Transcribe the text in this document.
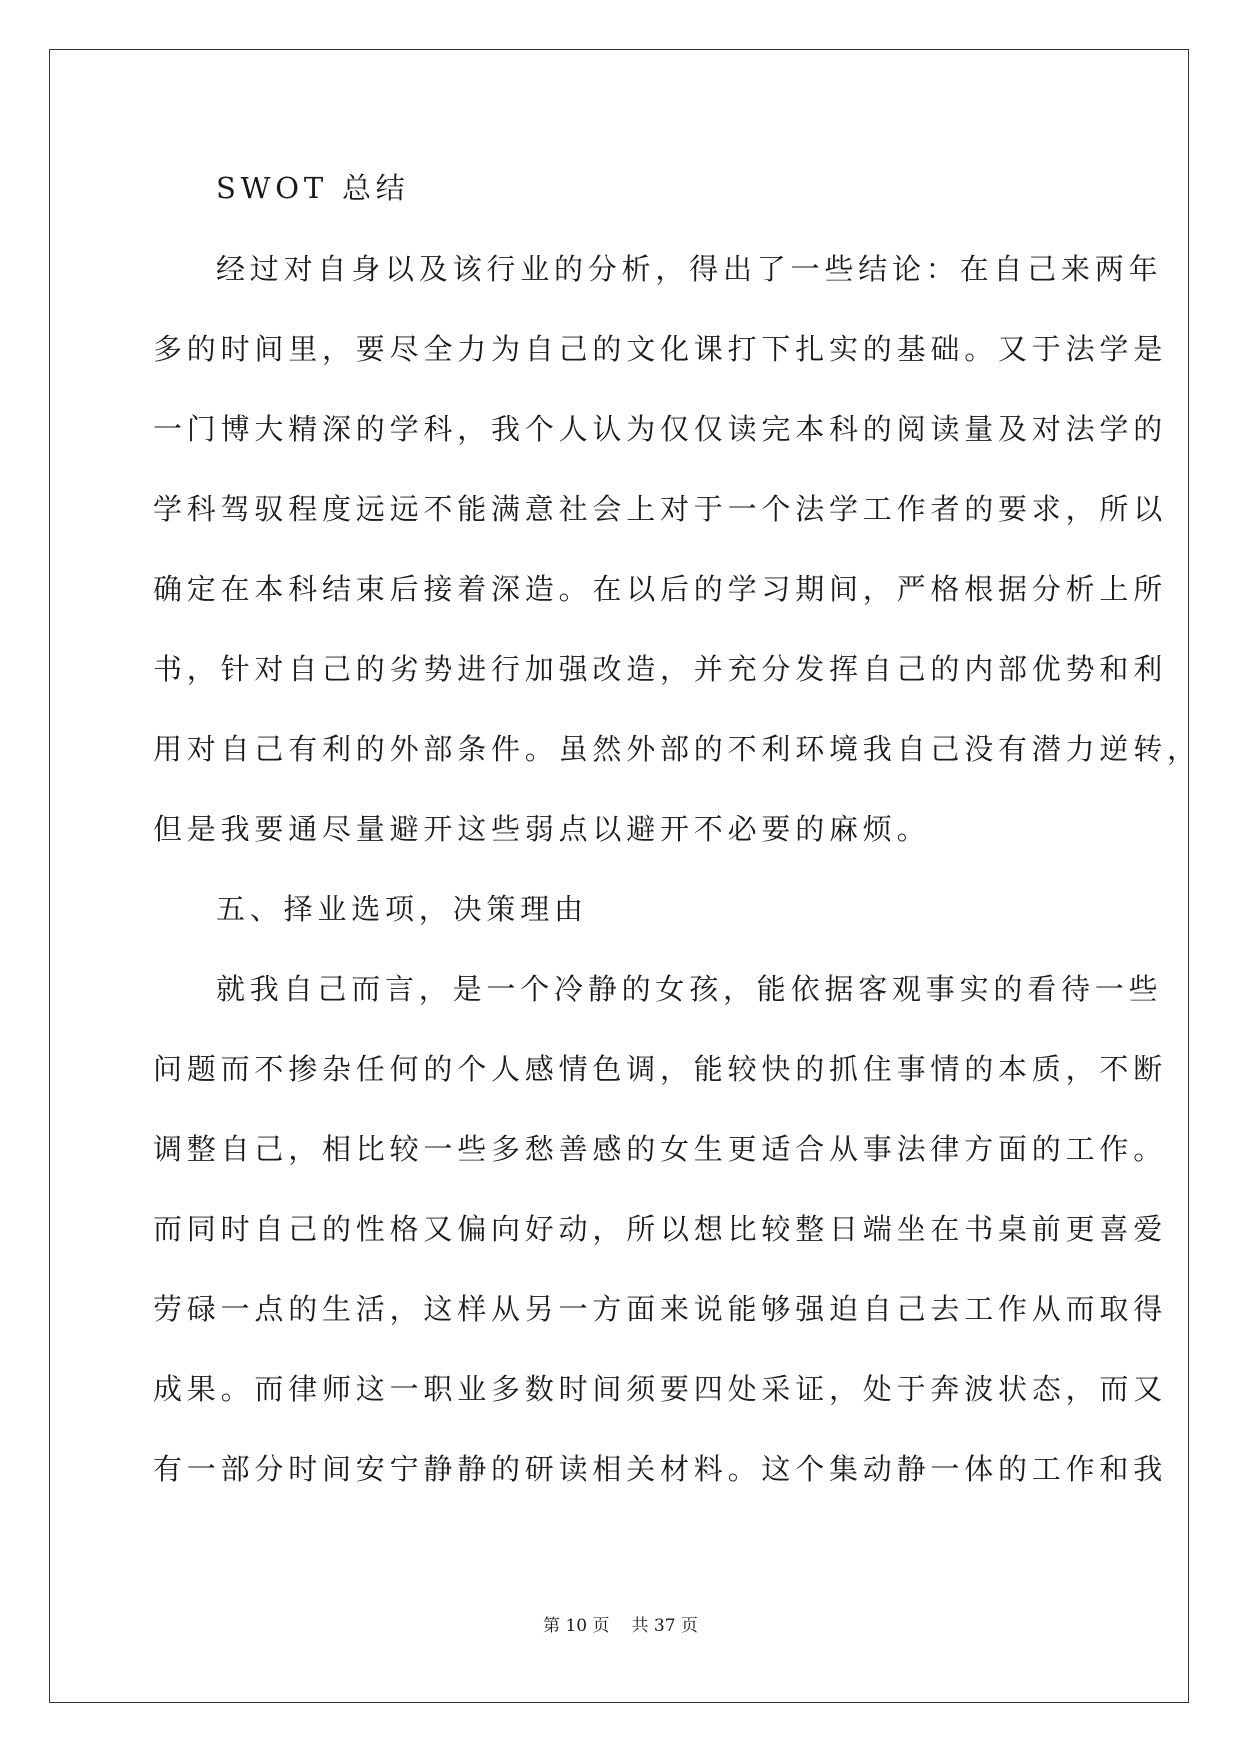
SWOT 总结
经过对自身以及该行业的分析，得出了一些结论：在自己来两年
多的时间里，要尽全力为自己的文化课打下扎实的基础。又于法学是
一门博大精深的学科，我个人认为仅仅读完本科的阅读量及对法学的
学科驾驭程度远远不能满意社会上对于一个法学工作者的要求，所以
确定在本科结束后接着深造。在以后的学习期间，严格根据分析上所
书，针对自己的劣势进行加强改造，并充分发挥自己的内部优势和利
用对自己有利的外部条件。虽然外部的不利环境我自己没有潜力逆转，
但是我要通尽量避开这些弱点以避开不必要的麻烦。
五、择业选项，决策理由
就我自己而言，是一个冷静的女孩，能依据客观事实的看待一些
问题而不掺杂任何的个人感情色调，能较快的抓住事情的本质，不断
调整自己，相比较一些多愁善感的女生更适合从事法律方面的工作。
而同时自己的性格又偏向好动，所以想比较整日端坐在书桌前更喜爱
劳碌一点的生活，这样从另一方面来说能够强迫自己去工作从而取得
成果。而律师这一职业多数时间须要四处采证，处于奔波状态，而又
有一部分时间安宁静静的研读相关材料。这个集动静一体的工作和我
第 10 页 共 37 页
